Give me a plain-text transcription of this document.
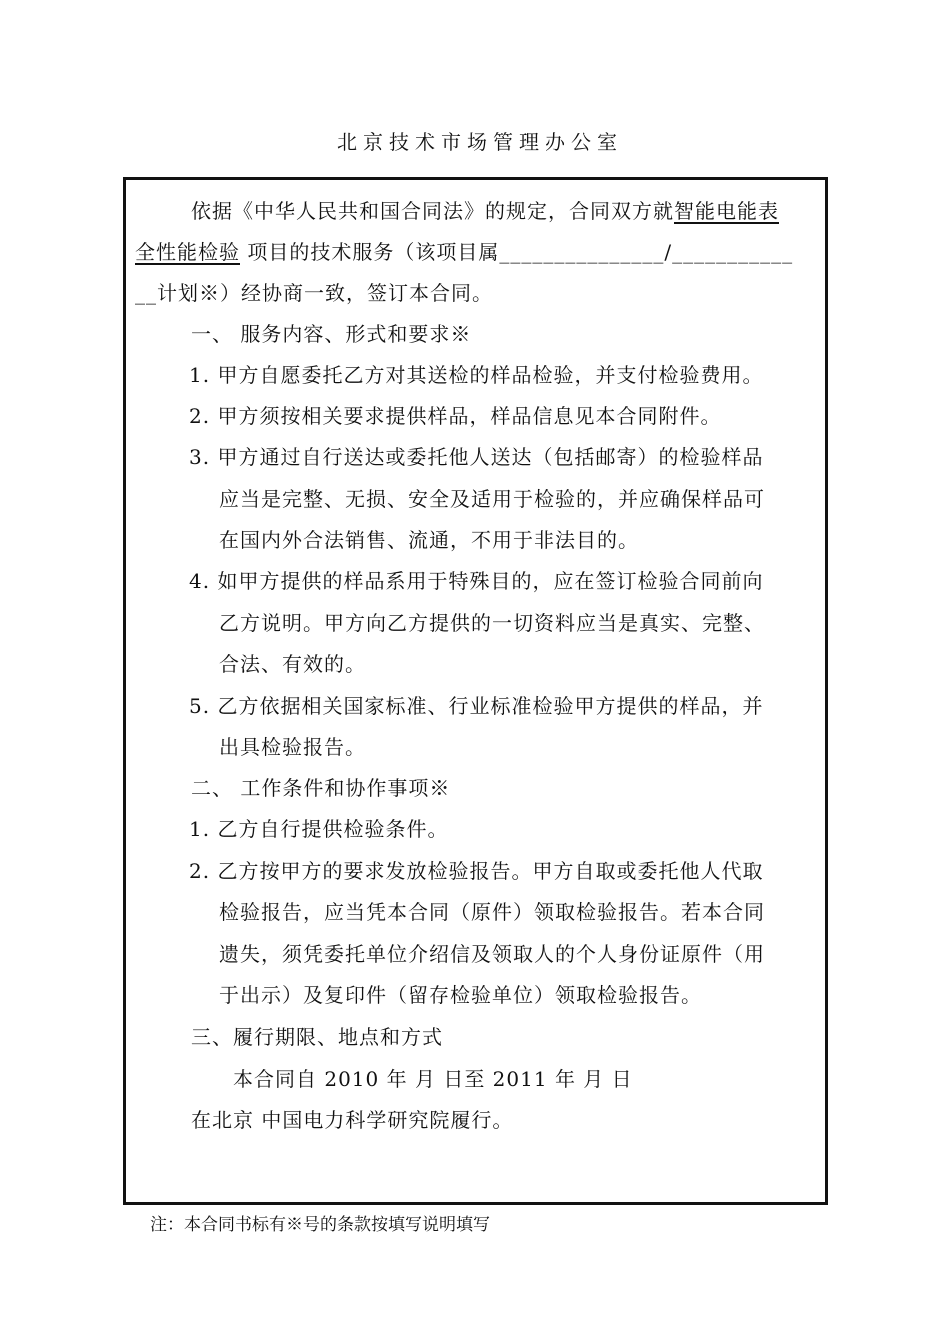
北京技术市场管理办公室
依据《中华人民共和国合同法》的规定，合同双方就智能电能表
全性能检验 项目的技术服务（该项目属_______________/___________
__计划※）经协商一致，签订本合同。
一、 服务内容、形式和要求※
1. 甲方自愿委托乙方对其送检的样品检验，并支付检验费用。
2. 甲方须按相关要求提供样品，样品信息见本合同附件。
3. 甲方通过自行送达或委托他人送达（包括邮寄）的检验样品
应当是完整、无损、安全及适用于检验的，并应确保样品可
在国内外合法销售、流通，不用于非法目的。
4. 如甲方提供的样品系用于特殊目的，应在签订检验合同前向
乙方说明。甲方向乙方提供的一切资料应当是真实、完整、
合法、有效的。
5. 乙方依据相关国家标准、行业标准检验甲方提供的样品，并
出具检验报告。
二、 工作条件和协作事项※
1. 乙方自行提供检验条件。
2. 乙方按甲方的要求发放检验报告。甲方自取或委托他人代取
检验报告，应当凭本合同（原件）领取检验报告。若本合同
遗失，须凭委托单位介绍信及领取人的个人身份证原件（用
于出示）及复印件（留存检验单位）领取检验报告。
三、履行期限、地点和方式
本合同自 2010 年 月 日至 2011 年 月 日
在北京 中国电力科学研究院履行。
注：本合同书标有※号的条款按填写说明填写
